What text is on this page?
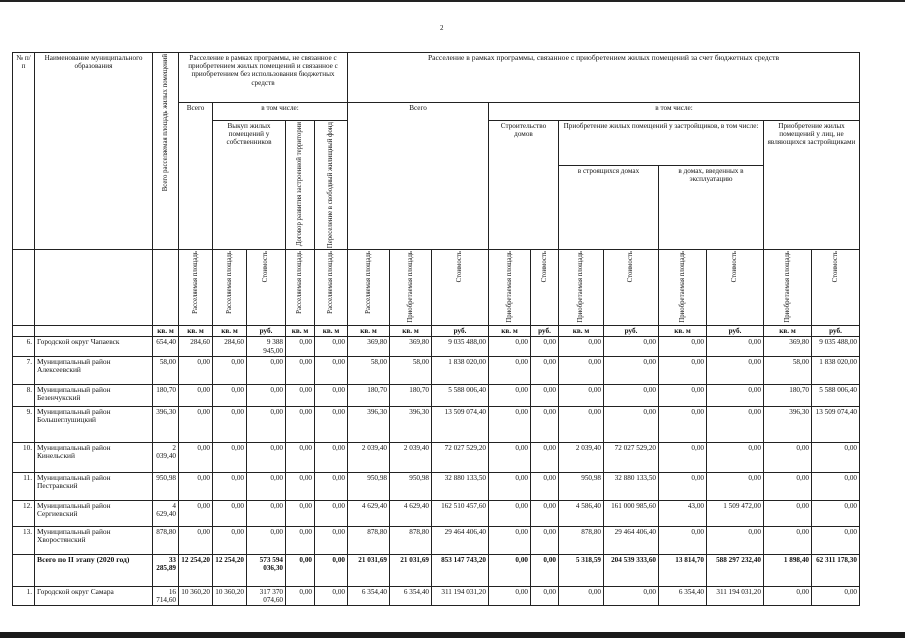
2
№ п/п	Наименование муниципального образования	Всего расселяемая площадь жилых помещений	Расселение в рамках программы, не связанное с приобретением жилых помещений и связанное с приобретением без использования бюджетных средств					Расселение в рамках программы, связанное с приобретением жилых помещений за счет бюджетных средств										
			Всего	в том числе:				Всего			в том числе:							
				Выкуп жилых помещений у собственников		Договор развития застроенной территории	Переселение в свободный жилищный фонд				Строительство домов		Приобретение жилых помещений у застройщиков, в том числе:				Приобретение жилых помещений у лиц, не являющихся застройщиками	
													в строящихся домах		в домах, введенных в эксплуатацию			

			Расселяемая площадь	Расселяемая площадь	Стоимость	Расселяемая площадь	Расселяемая площадь	Расселяемая площадь	Приобретаемая площадь	Стоимость	Приобретаемая площадь	Стоимость	Приобретаемая площадь	Стоимость	Приобретаемая площадь	Стоимость	Приобретаемая площадь	Стоимость

		кв. м	кв. м	кв. м	руб.	кв. м	кв. м	кв. м	кв. м	руб.	кв. м	руб.	кв. м	руб.	кв. м	руб.	кв. м	руб.
6.	Городской округ Чапаевск	654,40	284,60	284,60	9 388 945,00	0,00	0,00	369,80	369,80	9 035 488,00	0,00	0,00	0,00	0,00	0,00	0,00	369,80	9 035 488,00
7.	Муниципальный район Алексеевский	58,00	0,00	0,00	0,00	0,00	0,00	58,00	58,00	1 838 020,00	0,00	0,00	0,00	0,00	0,00	0,00	58,00	1 838 020,00
8.	Муниципальный район Безенчукский	180,70	0,00	0,00	0,00	0,00	0,00	180,70	180,70	5 588 006,40	0,00	0,00	0,00	0,00	0,00	0,00	180,70	5 588 006,40
9.	Муниципальный район Большеглушицкий	396,30	0,00	0,00	0,00	0,00	0,00	396,30	396,30	13 509 074,40	0,00	0,00	0,00	0,00	0,00	0,00	396,30	13 509 074,40
10.	Муниципальный район Кинельский	2 039,40	0,00	0,00	0,00	0,00	0,00	2 039,40	2 039,40	72 027 529,20	0,00	0,00	2 039,40	72 027 529,20	0,00	0,00	0,00	0,00
11.	Муниципальный район Пестравский	950,98	0,00	0,00	0,00	0,00	0,00	950,98	950,98	32 880 133,50	0,00	0,00	950,98	32 880 133,50	0,00	0,00	0,00	0,00
12.	Муниципальный район Сергиевский	4 629,40	0,00	0,00	0,00	0,00	0,00	4 629,40	4 629,40	162 510 457,60	0,00	0,00	4 586,40	161 000 985,60	43,00	1 509 472,00	0,00	0,00
13.	Муниципальный район Хворостянский	878,80	0,00	0,00	0,00	0,00	0,00	878,80	878,80	29 464 406,40	0,00	0,00	878,80	29 464 406,40	0,00	0,00	0,00	0,00
	Всего по II этапу (2020 год)	33 285,89	12 254,20	12 254,20	573 594 036,30	0,00	0,00	21 031,69	21 031,69	853 147 743,20	0,00	0,00	5 318,59	204 539 333,60	13 814,70	588 297 232,40	1 898,40	62 311 178,30
1.	Городской округ Самара	16 714,60	10 360,20	10 360,20	317 370 074,60	0,00	0,00	6 354,40	6 354,40	311 194 031,20	0,00	0,00	0,00	0,00	6 354,40	311 194 031,20	0,00	0,00
